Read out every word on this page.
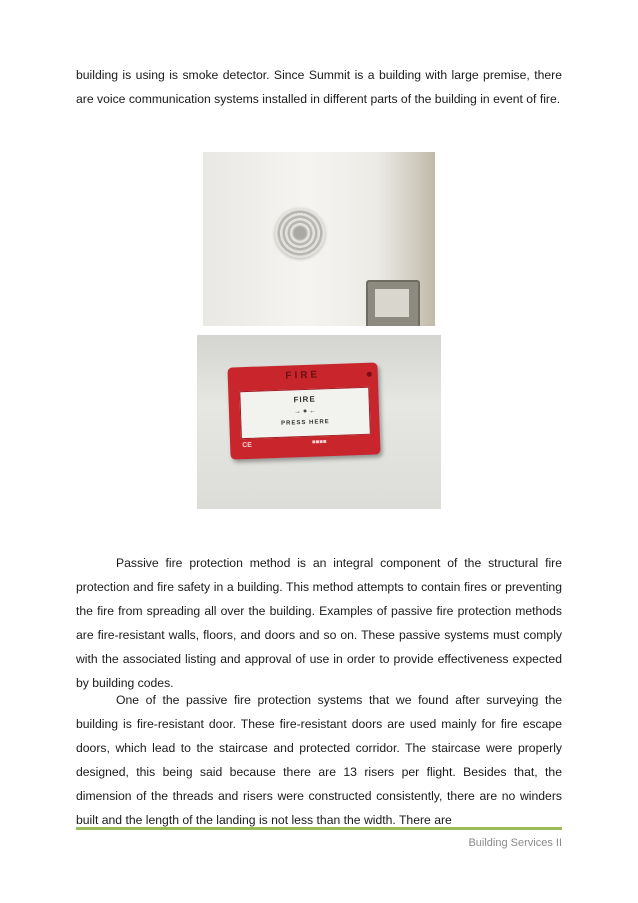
building is using is smoke detector. Since Summit is a building with large premise, there are voice communication systems installed in different parts of the building in event of fire.

FIRE
FIRE
→ ● ←
PRESS HERE
CE	■■■■

Passive fire protection method is an integral component of the structural fire protection and fire safety in a building. This method attempts to contain fires or preventing the fire from spreading all over the building. Examples of passive fire protection methods are fire-resistant walls, floors, and doors and so on. These passive systems must comply with the associated listing and approval of use in order to provide effectiveness expected by building codes.

One of the passive fire protection systems that we found after surveying the building is fire-resistant door. These fire-resistant doors are used mainly for fire escape doors, which lead to the staircase and protected corridor. The staircase were properly designed, this being said because there are 13 risers per flight. Besides that, the dimension of the threads and risers were constructed consistently, there are no winders built and the length of the landing is not less than the width. There are

Building Services II
